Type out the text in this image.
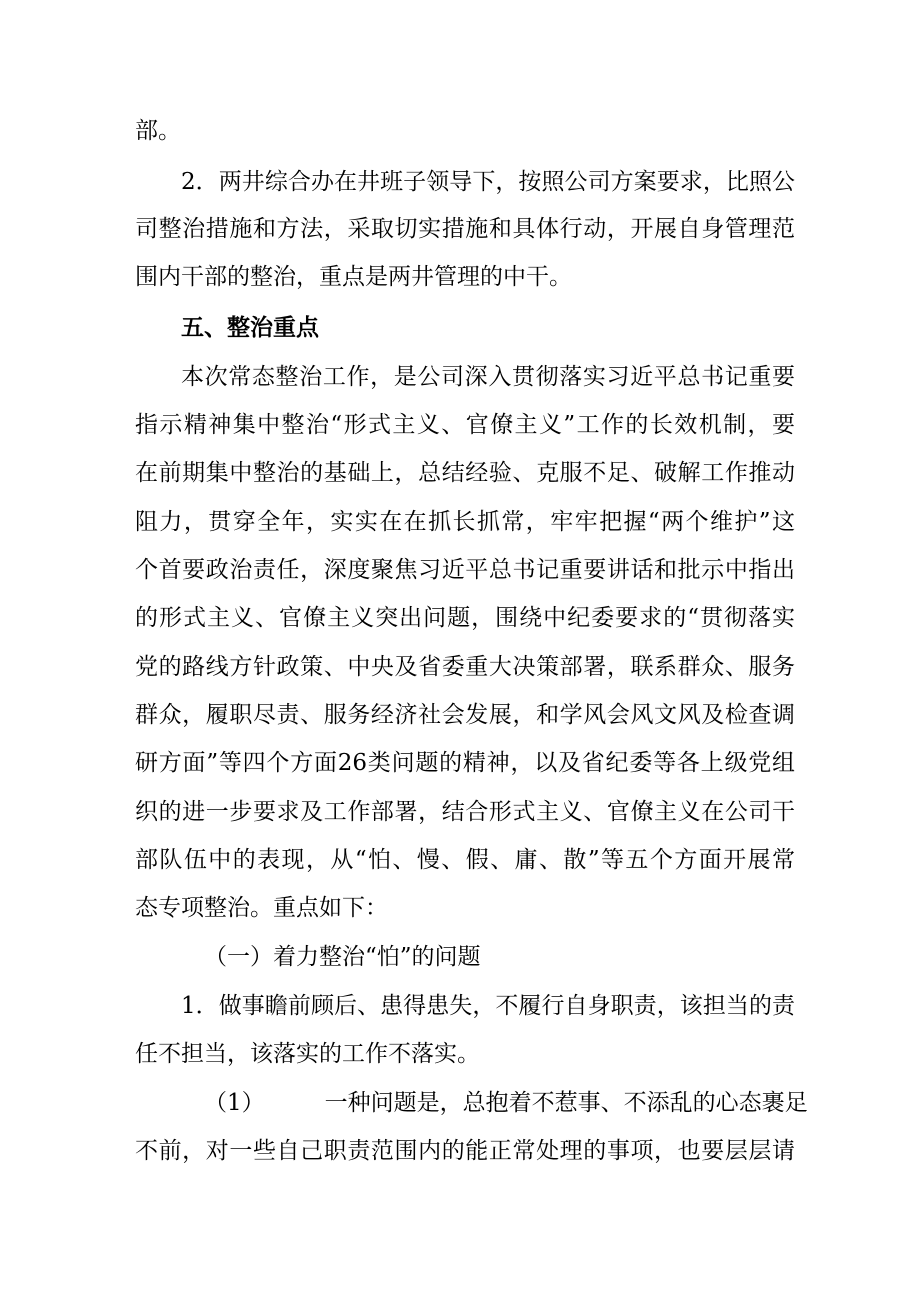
部。
2．两井综合办在井班子领导下，按照公司方案要求，比照公
司整治措施和方法，采取切实措施和具体行动，开展自身管理范
围内干部的整治，重点是两井管理的中干。
五、整治重点
本次常态整治工作，是公司深入贯彻落实习近平总书记重要
指示精神集中整治“形式主义、官僚主义”工作的长效机制，要
在前期集中整治的基础上，总结经验、克服不足、破解工作推动
阻力，贯穿全年，实实在在抓长抓常，牢牢把握“两个维护”这
个首要政治责任，深度聚焦习近平总书记重要讲话和批示中指出
的形式主义、官僚主义突出问题，围绕中纪委要求的“贯彻落实
党的路线方针政策、中央及省委重大决策部署，联系群众、服务
群众，履职尽责、服务经济社会发展，和学风会风文风及检查调
研方面”等四个方面26类问题的精神，以及省纪委等各上级党组
织的进一步要求及工作部署，结合形式主义、官僚主义在公司干
部队伍中的表现，从“怕、慢、假、庸、散”等五个方面开展常
态专项整治。重点如下：
（一）着力整治“怕”的问题
1．做事瞻前顾后、患得患失，不履行自身职责，该担当的责
任不担当，该落实的工作不落实。
（1）	一种问题是，总抱着不惹事、不添乱的心态裹足
不前，对一些自己职责范围内的能正常处理的事项，也要层层请
